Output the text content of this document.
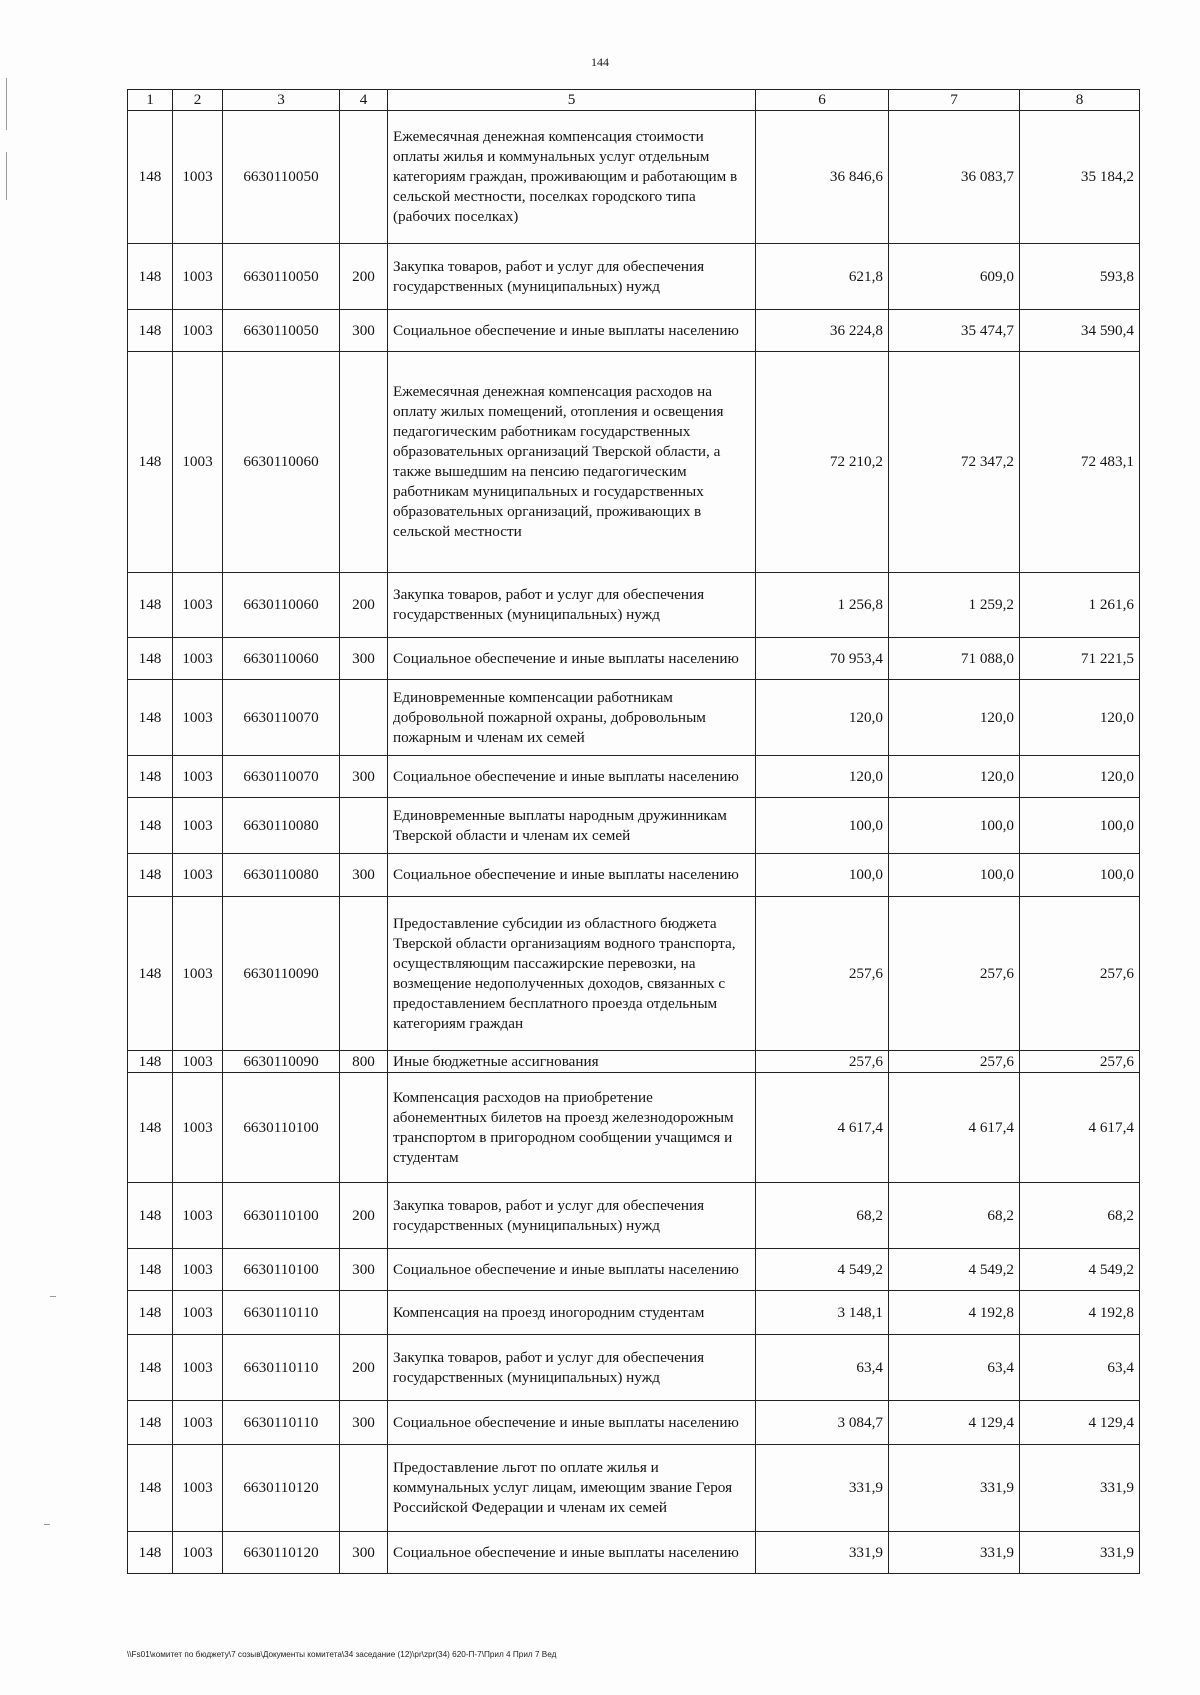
144
1	2	3	4	5	6	7	8
148	1003	6630110050		Ежемесячная денежная компенсация стоимости оплаты жилья и коммунальных услуг отдельным категориям граждан, проживающим и работающим в сельской местности, поселках городского типа (рабочих поселках)	36 846,6	36 083,7	35 184,2
148	1003	6630110050	200	Закупка товаров, работ и услуг для обеспечения государственных (муниципальных) нужд	621,8	609,0	593,8
148	1003	6630110050	300	Социальное обеспечение и иные выплаты населению	36 224,8	35 474,7	34 590,4
148	1003	6630110060		Ежемесячная денежная компенсация расходов на оплату жилых помещений, отопления и освещения педагогическим работникам государственных образовательных организаций Тверской области, а также вышедшим на пенсию педагогическим работникам муниципальных и государственных образовательных организаций, проживающих в сельской местности	72 210,2	72 347,2	72 483,1
148	1003	6630110060	200	Закупка товаров, работ и услуг для обеспечения государственных (муниципальных) нужд	1 256,8	1 259,2	1 261,6
148	1003	6630110060	300	Социальное обеспечение и иные выплаты населению	70 953,4	71 088,0	71 221,5
148	1003	6630110070		Единовременные компенсации работникам добровольной пожарной охраны, добровольным пожарным и членам их семей	120,0	120,0	120,0
148	1003	6630110070	300	Социальное обеспечение и иные выплаты населению	120,0	120,0	120,0
148	1003	6630110080		Единовременные выплаты народным дружинникам Тверской области и членам их семей	100,0	100,0	100,0
148	1003	6630110080	300	Социальное обеспечение и иные выплаты населению	100,0	100,0	100,0
148	1003	6630110090		Предоставление субсидии из областного бюджета Тверской области организациям водного транспорта, осуществляющим пассажирские перевозки, на возмещение недополученных доходов, связанных с предоставлением бесплатного проезда отдельным категориям граждан	257,6	257,6	257,6
148	1003	6630110090	800	Иные бюджетные ассигнования	257,6	257,6	257,6
148	1003	6630110100		Компенсация расходов на приобретение абонементных билетов на проезд железнодорожным транспортом в пригородном сообщении учащимся и студентам	4 617,4	4 617,4	4 617,4
148	1003	6630110100	200	Закупка товаров, работ и услуг для обеспечения государственных (муниципальных) нужд	68,2	68,2	68,2
148	1003	6630110100	300	Социальное обеспечение и иные выплаты населению	4 549,2	4 549,2	4 549,2
148	1003	6630110110		Компенсация на проезд иногородним студентам	3 148,1	4 192,8	4 192,8
148	1003	6630110110	200	Закупка товаров, работ и услуг для обеспечения государственных (муниципальных) нужд	63,4	63,4	63,4
148	1003	6630110110	300	Социальное обеспечение и иные выплаты населению	3 084,7	4 129,4	4 129,4
148	1003	6630110120		Предоставление льгот по оплате жилья и коммунальных услуг лицам, имеющим звание Героя Российской Федерации и членам их семей	331,9	331,9	331,9
148	1003	6630110120	300	Социальное обеспечение и иные выплаты населению	331,9	331,9	331,9
\\Fs01\комитет по бюджету\7 созыв\Документы комитета\34 заседание (12)\pr\zpr(34) 620-П-7\Прил 4 Прил 7 Вед
